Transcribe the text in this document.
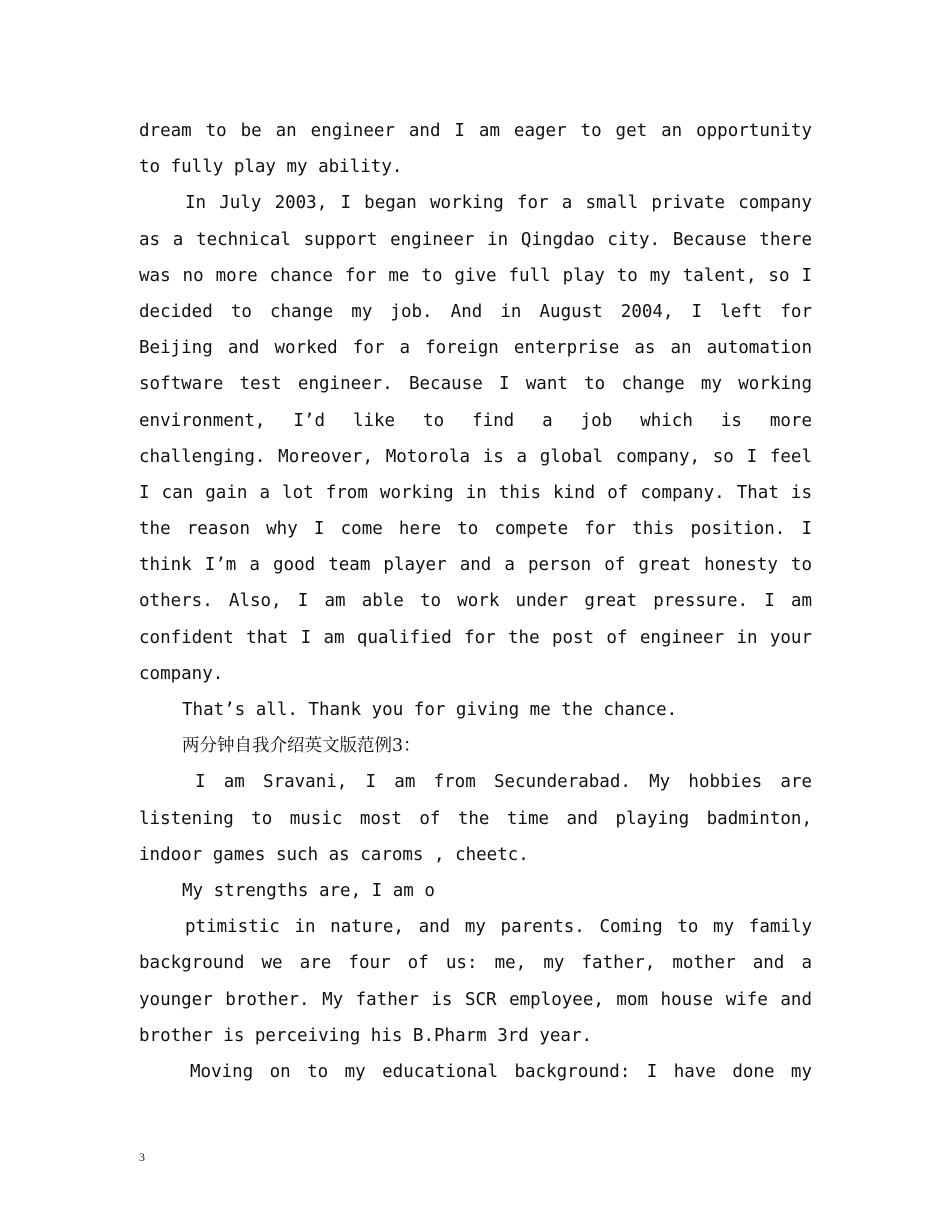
dream to be an engineer and I am eager to get an opportunity
to fully play my ability.
In July 2003, I began working for a small private company
as a technical support engineer in Qingdao city. Because there
was no more chance for me to give full play to my talent, so I
decided to change my job. And in August 2004, I left for
Beijing and worked for a foreign enterprise as an automation
software test engineer. Because I want to change my working
environment, I’d like to find a job which is more
challenging. Moreover, Motorola is a global company, so I feel
I can gain a lot from working in this kind of company. That is
the reason why I come here to compete for this position. I
think I’m a good team player and a person of great honesty to
others. Also, I am able to work under great pressure. I am
confident that I am qualified for the post of engineer in your
company.
That’s all. Thank you for giving me the chance.
两分钟自我介绍英文版范例3：
I am Sravani, I am from Secunderabad. My hobbies are
listening to music most of the time and playing badminton,
indoor games such as caroms , cheetc.
My strengths are, I am o
ptimistic in nature, and my parents. Coming to my family
background we are four of us: me, my father, mother and a
younger brother. My father is SCR employee, mom house wife and
brother is perceiving his B.Pharm 3rd year.
Moving on to my educational background: I have done my
3
